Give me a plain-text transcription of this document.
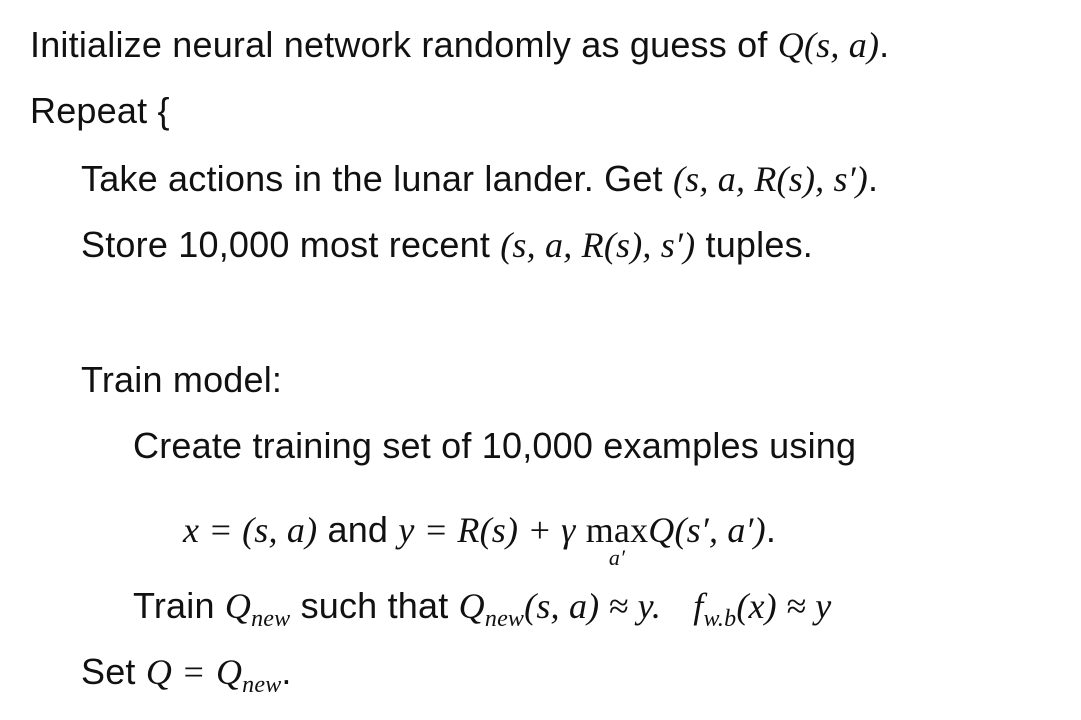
Initialize neural network randomly as guess of Q(s, a).
Repeat {
Take actions in the lunar lander. Get (s, a, R(s), s′).
Store 10,000 most recent (s, a, R(s), s′) tuples.
Train model:
Create training set of 10,000 examples using
x = (s, a) and y = R(s) + γ max
a′
Q(s′, a′).
Train $Q_{new}$ such that $Q_{new}(s$, a) ≈ y. $f_{w.b}(x) \approx y$
Set $Q = Q_{new}$.
